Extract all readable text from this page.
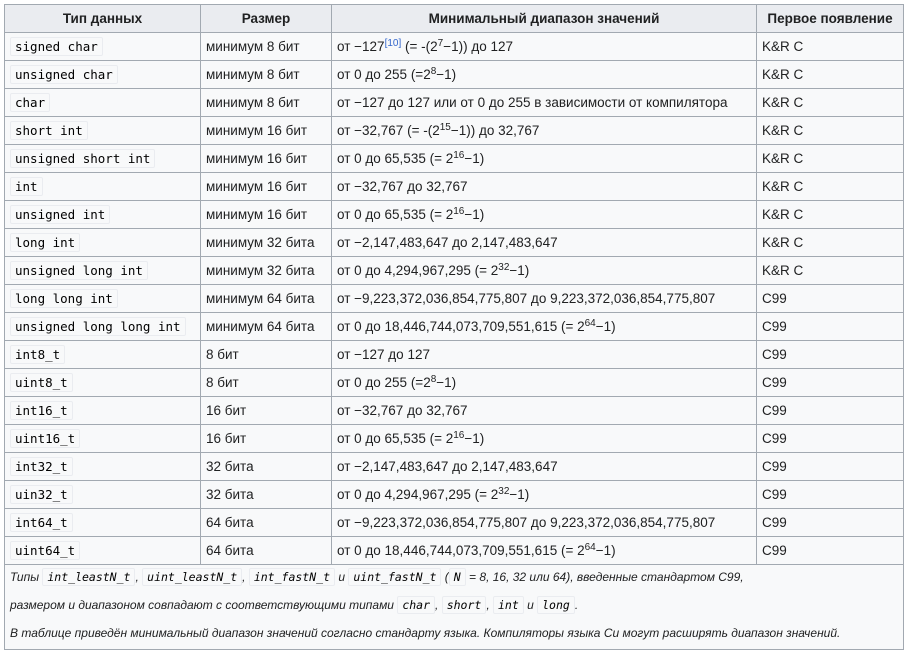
Тип данных	Размер	Минимальный диапазон значений	Первое появление
signed char	минимум 8 бит	от −127[10] (= $-(2^7-1)$) до 127	K&R C
unsigned char	минимум 8 бит	от 0 до 255 $(=2^8-1)$	K&R C
char	минимум 8 бит	от −127 до 127 или от 0 до 255 в зависимости от компилятора	K&R C
short int	минимум 16 бит	от −32,767 (= $-(2^{15}-1)$) до 32,767	K&R C
unsigned short int	минимум 16 бит	от 0 до 65,535 (= $2^{16}-1$)	K&R C
int	минимум 16 бит	от −32,767 до 32,767	K&R C
unsigned int	минимум 16 бит	от 0 до 65,535 (= $2^{16}-1$)	K&R C
long int	минимум 32 бита	от −2,147,483,647 до 2,147,483,647	K&R C
unsigned long int	минимум 32 бита	от 0 до 4,294,967,295 (= $2^{32}-1$)	K&R C
long long int	минимум 64 бита	от −9,223,372,036,854,775,807 до 9,223,372,036,854,775,807	C99
unsigned long long int	минимум 64 бита	от 0 до 18,446,744,073,709,551,615 (= $2^{64}-1$)	C99
int8_t	8 бит	от −127 до 127	C99
uint8_t	8 бит	от 0 до 255 $(=2^8-1)$	C99
int16_t	16 бит	от −32,767 до 32,767	C99
uint16_t	16 бит	от 0 до 65,535 (= $2^{16}-1$)	C99
int32_t	32 бита	от −2,147,483,647 до 2,147,483,647	C99
uin32_t	32 бита	от 0 до 4,294,967,295 (= $2^{32}-1$)	C99
int64_t	64 бита	от −9,223,372,036,854,775,807 до 9,223,372,036,854,775,807	C99
uint64_t	64 бита	от 0 до 18,446,744,073,709,551,615 (= $2^{64}-1$)	C99

Типы int_leastN_t , uint_leastN_t , int_fastN_t и uint_fastN_t ( N = 8, 16, 32 или 64), введенные стандартом C99,
размером и диапазоном совпадают с соответствующими типами char , short , int и long .
В таблице приведён минимальный диапазон значений согласно стандарту языка. Компиляторы языка Си могут расширять диапазон значений.			
